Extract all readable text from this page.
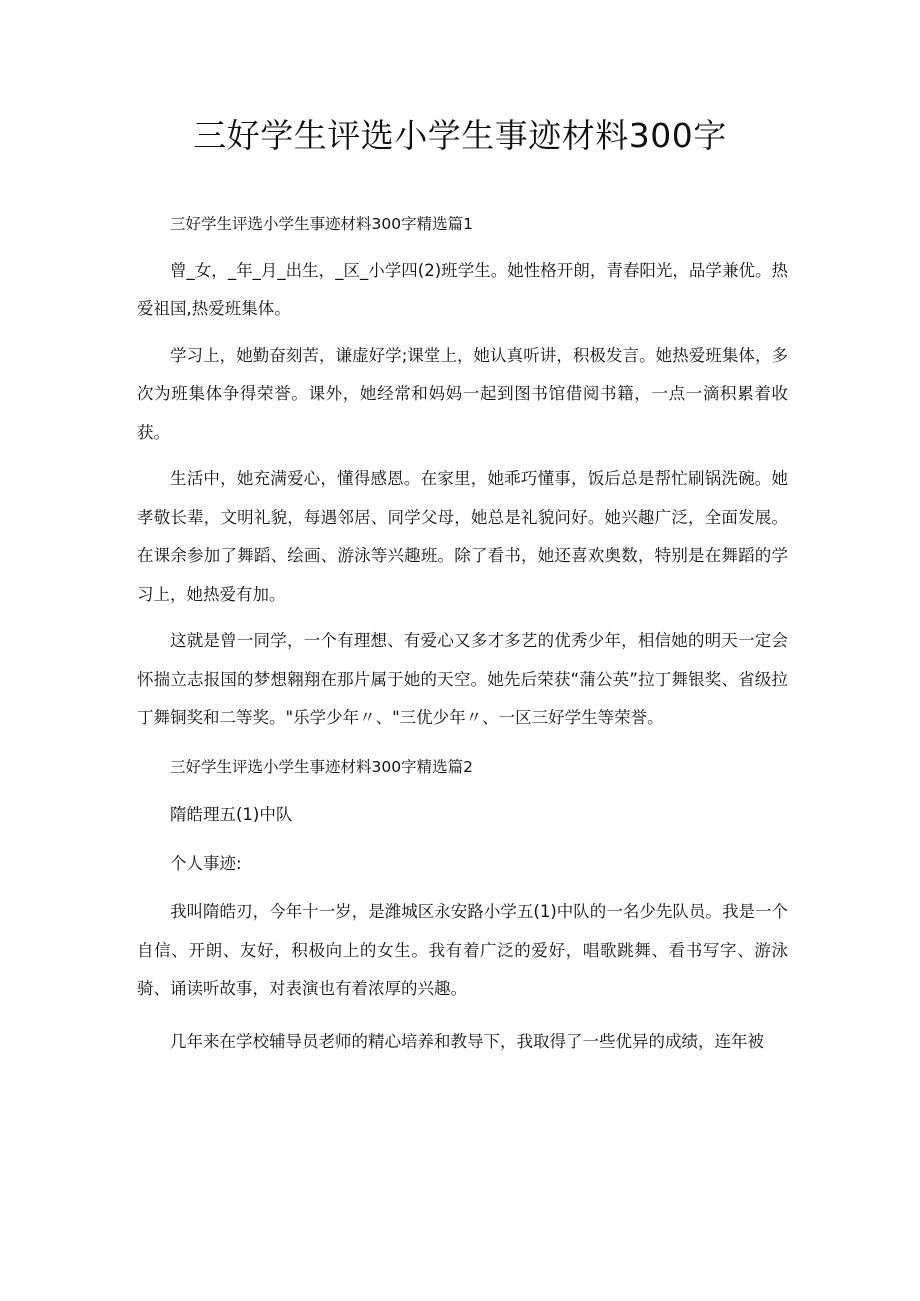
三好学生评选小学生事迹材料300字

三好学生评选小学生事迹材料300字精选篇1

曾_女，_年_月_出生，_区_小学四(2)班学生。她性格开朗，青春阳光，品学兼优。热爱祖国,热爱班集体。

学习上，她勤奋刻苦，谦虚好学;课堂上，她认真听讲，积极发言。她热爱班集体，多次为班集体争得荣誉。课外，她经常和妈妈一起到图书馆借阅书籍，一点一滴积累着收获。

生活中，她充满爱心，懂得感恩。在家里，她乖巧懂事，饭后总是帮忙刷锅洗碗。她孝敬长辈，文明礼貌，每遇邻居、同学父母，她总是礼貌问好。她兴趣广泛，全面发展。在课余参加了舞蹈、绘画、游泳等兴趣班。除了看书，她还喜欢奥数，特别是在舞蹈的学习上，她热爱有加。

这就是曾一同学，一个有理想、有爱心又多才多艺的优秀少年，相信她的明天一定会怀揣立志报国的梦想翱翔在那片属于她的天空。她先后荣获“蒲公英”拉丁舞银奖、省级拉丁舞铜奖和二等奖。"乐学少年〃、"三优少年〃、一区三好学生等荣誉。

三好学生评选小学生事迹材料300字精选篇2

隋皓理五(1)中队

个人事迹:

我叫隋皓刃，今年十一岁，是潍城区永安路小学五(1)中队的一名少先队员。我是一个自信、开朗、友好，积极向上的女生。我有着广泛的爱好，唱歌跳舞、看书写字、游泳骑、诵读听故事，对表演也有着浓厚的兴趣。

几年来在学校辅导员老师的精心培养和教导下，我取得了一些优异的成绩，连年被
